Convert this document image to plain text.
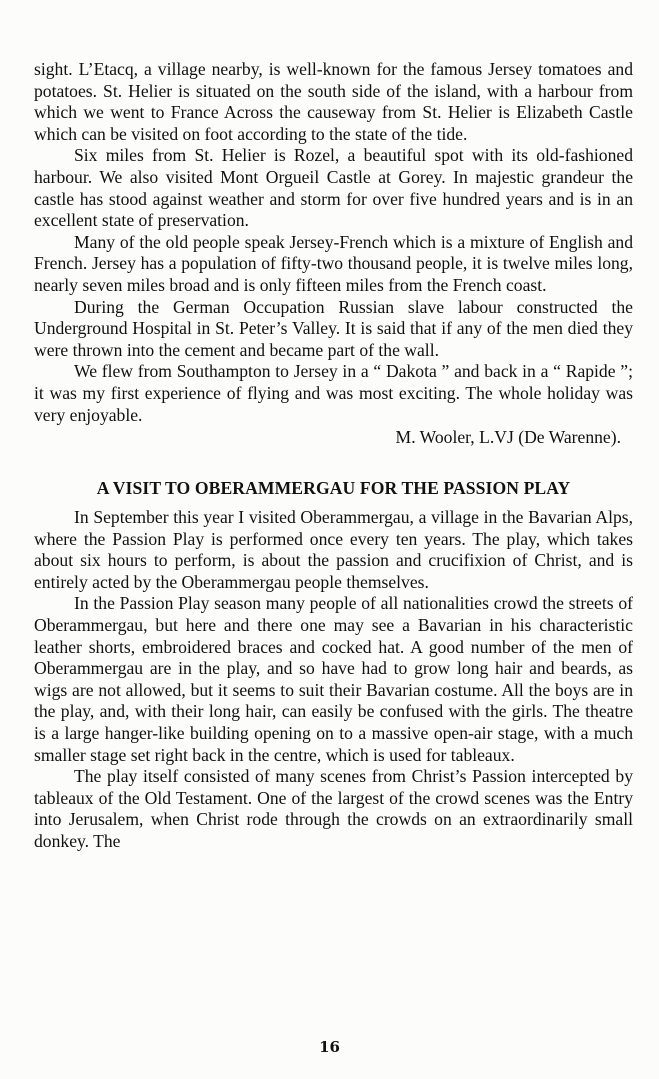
sight. L’Etacq, a village nearby, is well-known for the famous Jersey tomatoes and potatoes. St. Helier is situated on the south side of the island, with a harbour from which we went to France Across the causeway from St. Helier is Elizabeth Castle which can be visited on foot according to the state of the tide.

Six miles from St. Helier is Rozel, a beautiful spot with its old-fashioned harbour. We also visited Mont Orgueil Castle at Gorey. In majestic grandeur the castle has stood against weather and storm for over five hundred years and is in an excellent state of preservation.

Many of the old people speak Jersey-French which is a mixture of English and French. Jersey has a population of fifty-two thousand people, it is twelve miles long, nearly seven miles broad and is only fifteen miles from the French coast.

During the German Occupation Russian slave labour constructed the Underground Hospital in St. Peter’s Valley. It is said that if any of the men died they were thrown into the cement and became part of the wall.

We flew from Southampton to Jersey in a “ Dakota ” and back in a “ Rapide ”; it was my first experience of flying and was most exciting. The whole holiday was very enjoyable.

M. Wooler, L.VJ (De Warenne).

A VISIT TO OBERAMMERGAU FOR THE PASSION PLAY

In September this year I visited Oberammergau, a village in the Bavarian Alps, where the Passion Play is performed once every ten years. The play, which takes about six hours to perform, is about the passion and crucifixion of Christ, and is entirely acted by the Oberammergau people themselves.

In the Passion Play season many people of all nationalities crowd the streets of Oberammergau, but here and there one may see a Bavarian in his characteristic leather shorts, embroidered braces and cocked hat. A good number of the men of Oberammergau are in the play, and so have had to grow long hair and beards, as wigs are not allowed, but it seems to suit their Bavarian costume. All the boys are in the play, and, with their long hair, can easily be confused with the girls. The theatre is a large hanger-like building opening on to a massive open-air stage, with a much smaller stage set right back in the centre, which is used for tableaux.

The play itself consisted of many scenes from Christ’s Passion intercepted by tableaux of the Old Testament. One of the largest of the crowd scenes was the Entry into Jerusalem, when Christ rode through the crowds on an extraordinarily small donkey. The

16
